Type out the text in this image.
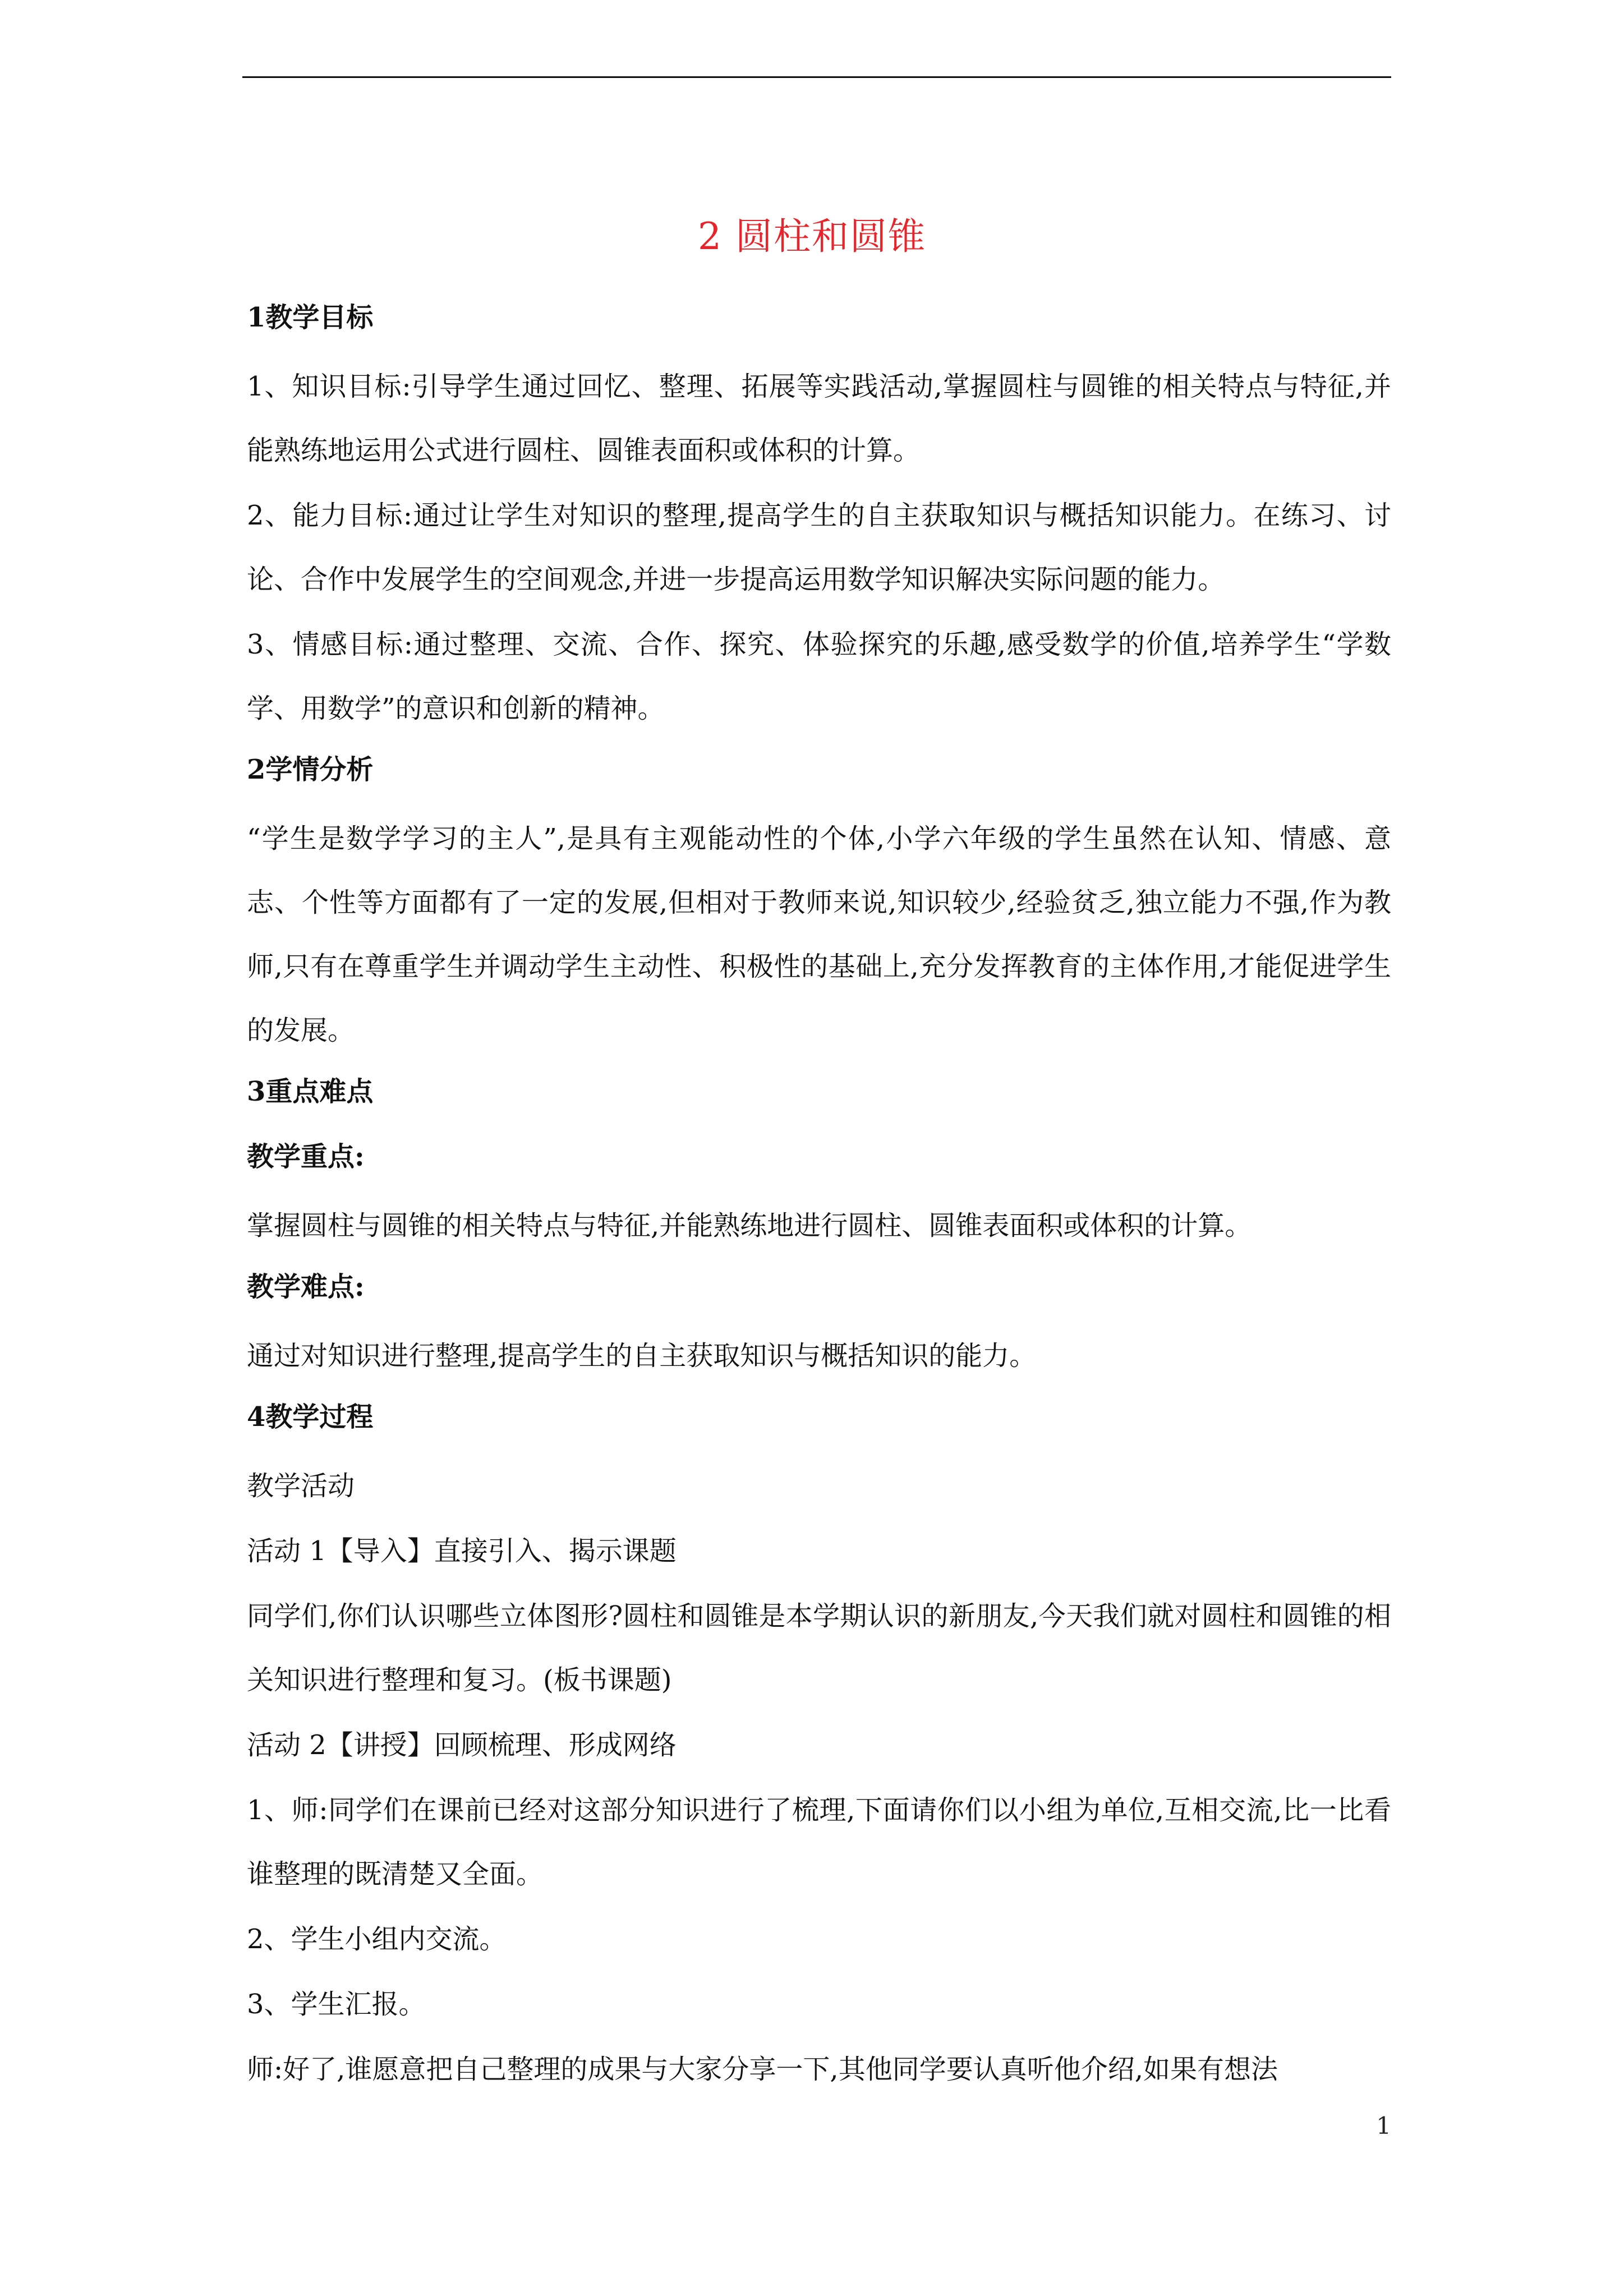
2 圆柱和圆锥

1教学目标

1、知识目标:引导学生通过回忆、整理、拓展等实践活动,掌握圆柱与圆锥的相关特点与特征,并能熟练地运用公式进行圆柱、圆锥表面积或体积的计算。

2、能力目标:通过让学生对知识的整理,提高学生的自主获取知识与概括知识能力。在练习、讨论、合作中发展学生的空间观念,并进一步提高运用数学知识解决实际问题的能力。

3、情感目标:通过整理、交流、合作、探究、体验探究的乐趣,感受数学的价值,培养学生“学数学、用数学”的意识和创新的精神。

2学情分析

“学生是数学学习的主人”,是具有主观能动性的个体,小学六年级的学生虽然在认知、情感、意志、个性等方面都有了一定的发展,但相对于教师来说,知识较少,经验贫乏,独立能力不强,作为教师,只有在尊重学生并调动学生主动性、积极性的基础上,充分发挥教育的主体作用,才能促进学生的发展。

3重点难点

教学重点:

掌握圆柱与圆锥的相关特点与特征,并能熟练地进行圆柱、圆锥表面积或体积的计算。

教学难点:

通过对知识进行整理,提高学生的自主获取知识与概括知识的能力。

4教学过程

教学活动

活动 1【导入】直接引入、揭示课题

同学们,你们认识哪些立体图形?圆柱和圆锥是本学期认识的新朋友,今天我们就对圆柱和圆锥的相关知识进行整理和复习。(板书课题)

活动 2【讲授】回顾梳理、形成网络

1、师:同学们在课前已经对这部分知识进行了梳理,下面请你们以小组为单位,互相交流,比一比看谁整理的既清楚又全面。

2、学生小组内交流。

3、学生汇报。

师:好了,谁愿意把自己整理的成果与大家分享一下,其他同学要认真听他介绍,如果有想法

1
